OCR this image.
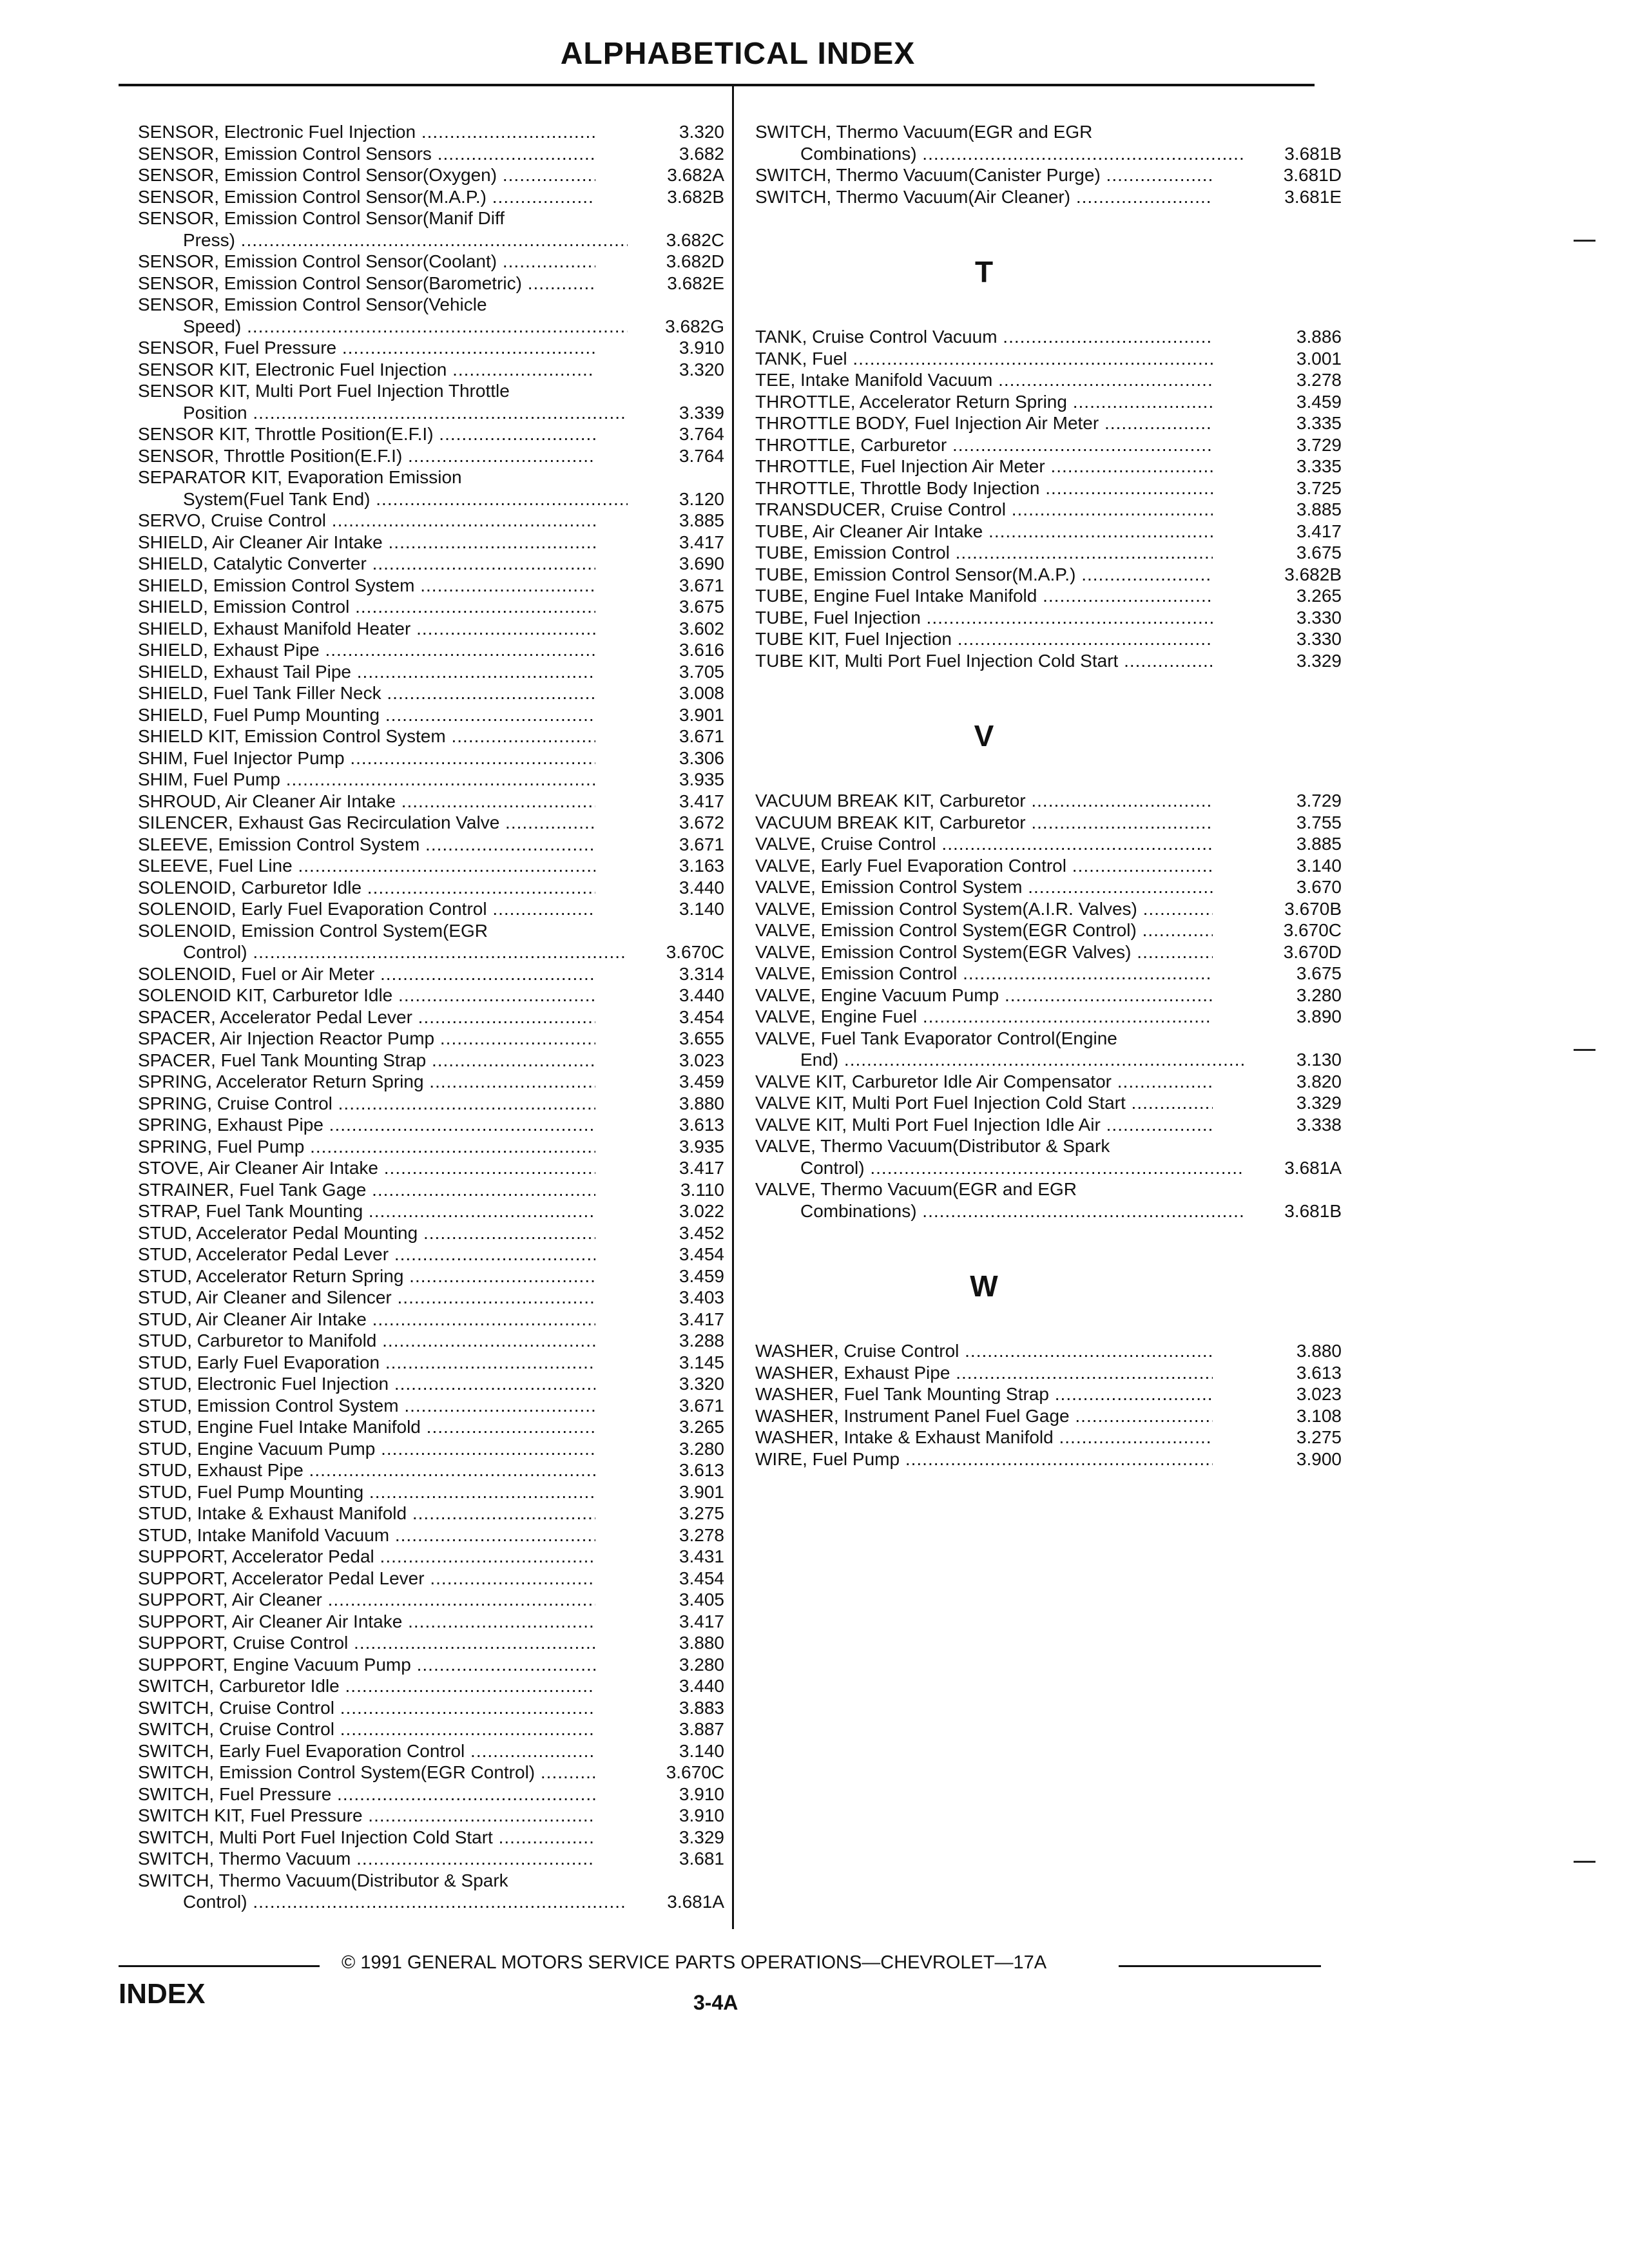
ALPHABETICAL INDEX
SENSOR, Electronic Fuel Injection .....	3.320
SENSOR, Emission Control Sensors .....	3.682
SENSOR, Emission Control Sensor(Oxygen) .....	3.682A
SENSOR, Emission Control Sensor(M.A.P.) .....	3.682B
SENSOR, Emission Control Sensor(Manif Diff
Press) .....	3.682C
SENSOR, Emission Control Sensor(Coolant) .....	3.682D
SENSOR, Emission Control Sensor(Barometric) .....	3.682E
SENSOR, Emission Control Sensor(Vehicle
Speed) .....	3.682G
SENSOR, Fuel Pressure .....	3.910
SENSOR KIT, Electronic Fuel Injection .....	3.320
SENSOR KIT, Multi Port Fuel Injection Throttle
Position .....	3.339
SENSOR KIT, Throttle Position(E.F.I) .....	3.764
SENSOR, Throttle Position(E.F.I) .....	3.764
SEPARATOR KIT, Evaporation Emission
System(Fuel Tank End) .....	3.120
SERVO, Cruise Control .....	3.885
SHIELD, Air Cleaner Air Intake .....	3.417
SHIELD, Catalytic Converter .....	3.690
SHIELD, Emission Control System .....	3.671
SHIELD, Emission Control .....	3.675
SHIELD, Exhaust Manifold Heater .....	3.602
SHIELD, Exhaust Pipe .....	3.616
SHIELD, Exhaust Tail Pipe .....	3.705
SHIELD, Fuel Tank Filler Neck .....	3.008
SHIELD, Fuel Pump Mounting .....	3.901
SHIELD KIT, Emission Control System .....	3.671
SHIM, Fuel Injector Pump .....	3.306
SHIM, Fuel Pump .....	3.935
SHROUD, Air Cleaner Air Intake .....	3.417
SILENCER, Exhaust Gas Recirculation Valve .....	3.672
SLEEVE, Emission Control System .....	3.671
SLEEVE, Fuel Line .....	3.163
SOLENOID, Carburetor Idle .....	3.440
SOLENOID, Early Fuel Evaporation Control .....	3.140
SOLENOID, Emission Control System(EGR
Control) .....	3.670C
SOLENOID, Fuel or Air Meter .....	3.314
SOLENOID KIT, Carburetor Idle .....	3.440
SPACER, Accelerator Pedal Lever .....	3.454
SPACER, Air Injection Reactor Pump .....	3.655
SPACER, Fuel Tank Mounting Strap .....	3.023
SPRING, Accelerator Return Spring .....	3.459
SPRING, Cruise Control .....	3.880
SPRING, Exhaust Pipe .....	3.613
SPRING, Fuel Pump .....	3.935
STOVE, Air Cleaner Air Intake .....	3.417
STRAINER, Fuel Tank Gage .....	3.110
STRAP, Fuel Tank Mounting .....	3.022
STUD, Accelerator Pedal Mounting .....	3.452
STUD, Accelerator Pedal Lever .....	3.454
STUD, Accelerator Return Spring .....	3.459
STUD, Air Cleaner and Silencer .....	3.403
STUD, Air Cleaner Air Intake .....	3.417
STUD, Carburetor to Manifold .....	3.288
STUD, Early Fuel Evaporation .....	3.145
STUD, Electronic Fuel Injection .....	3.320
STUD, Emission Control System .....	3.671
STUD, Engine Fuel Intake Manifold .....	3.265
STUD, Engine Vacuum Pump .....	3.280
STUD, Exhaust Pipe .....	3.613
STUD, Fuel Pump Mounting .....	3.901
STUD, Intake & Exhaust Manifold .....	3.275
STUD, Intake Manifold Vacuum .....	3.278
SUPPORT, Accelerator Pedal .....	3.431
SUPPORT, Accelerator Pedal Lever .....	3.454
SUPPORT, Air Cleaner .....	3.405
SUPPORT, Air Cleaner Air Intake .....	3.417
SUPPORT, Cruise Control .....	3.880
SUPPORT, Engine Vacuum Pump .....	3.280
SWITCH, Carburetor Idle .....	3.440
SWITCH, Cruise Control .....	3.883
SWITCH, Cruise Control .....	3.887
SWITCH, Early Fuel Evaporation Control .....	3.140
SWITCH, Emission Control System(EGR Control) .....	3.670C
SWITCH, Fuel Pressure .....	3.910
SWITCH KIT, Fuel Pressure .....	3.910
SWITCH, Multi Port Fuel Injection Cold Start .....	3.329
SWITCH, Thermo Vacuum .....	3.681
SWITCH, Thermo Vacuum(Distributor & Spark
Control) .....	3.681A
SWITCH, Thermo Vacuum(EGR and EGR
Combinations) .....	3.681B
SWITCH, Thermo Vacuum(Canister Purge) .....	3.681D
SWITCH, Thermo Vacuum(Air Cleaner) .....	3.681E
T
TANK, Cruise Control Vacuum .....	3.886
TANK, Fuel .....	3.001
TEE, Intake Manifold Vacuum .....	3.278
THROTTLE, Accelerator Return Spring .....	3.459
THROTTLE BODY, Fuel Injection Air Meter .....	3.335
THROTTLE, Carburetor .....	3.729
THROTTLE, Fuel Injection Air Meter .....	3.335
THROTTLE, Throttle Body Injection .....	3.725
TRANSDUCER, Cruise Control .....	3.885
TUBE, Air Cleaner Air Intake .....	3.417
TUBE, Emission Control .....	3.675
TUBE, Emission Control Sensor(M.A.P.) .....	3.682B
TUBE, Engine Fuel Intake Manifold .....	3.265
TUBE, Fuel Injection .....	3.330
TUBE KIT, Fuel Injection .....	3.330
TUBE KIT, Multi Port Fuel Injection Cold Start .....	3.329
V
VACUUM BREAK KIT, Carburetor .....	3.729
VACUUM BREAK KIT, Carburetor .....	3.755
VALVE, Cruise Control .....	3.885
VALVE, Early Fuel Evaporation Control .....	3.140
VALVE, Emission Control System .....	3.670
VALVE, Emission Control System(A.I.R. Valves) .....	3.670B
VALVE, Emission Control System(EGR Control) .....	3.670C
VALVE, Emission Control System(EGR Valves) .....	3.670D
VALVE, Emission Control .....	3.675
VALVE, Engine Vacuum Pump .....	3.280
VALVE, Engine Fuel .....	3.890
VALVE, Fuel Tank Evaporator Control(Engine
End) .....	3.130
VALVE KIT, Carburetor Idle Air Compensator .....	3.820
VALVE KIT, Multi Port Fuel Injection Cold Start .....	3.329
VALVE KIT, Multi Port Fuel Injection Idle Air .....	3.338
VALVE, Thermo Vacuum(Distributor & Spark
Control) .....	3.681A
VALVE, Thermo Vacuum(EGR and EGR
Combinations) .....	3.681B
W
WASHER, Cruise Control .....	3.880
WASHER, Exhaust Pipe .....	3.613
WASHER, Fuel Tank Mounting Strap .....	3.023
WASHER, Instrument Panel Fuel Gage .....	3.108
WASHER, Intake & Exhaust Manifold .....	3.275
WIRE, Fuel Pump .....	3.900
© 1991 GENERAL MOTORS SERVICE PARTS OPERATIONS—CHEVROLET—17A
INDEX	3-4A
